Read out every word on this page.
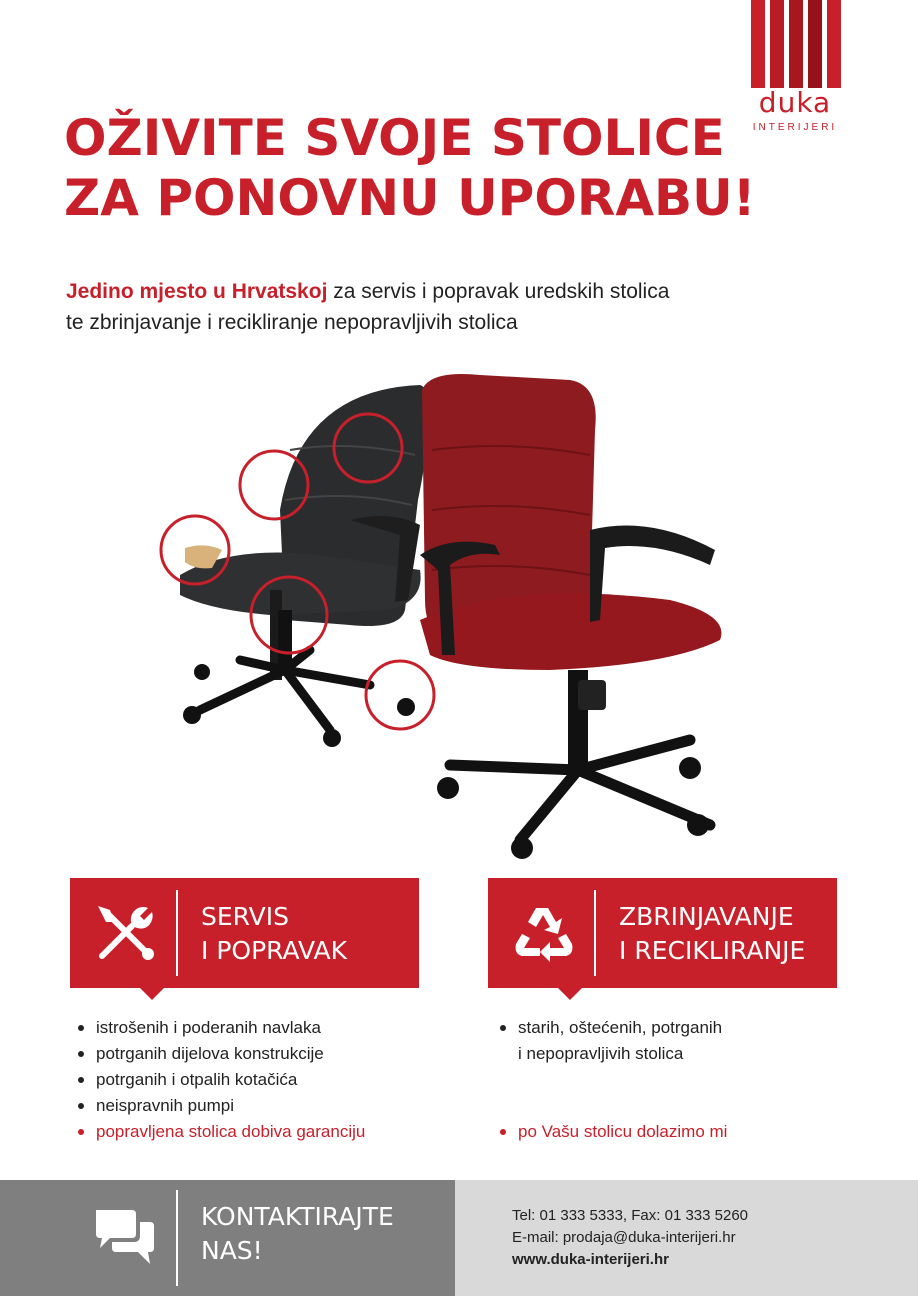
duka
INTERIJERI
OŽIVITE SVOJE STOLICE
ZA PONOVNU UPORABU!
Jedino mjesto u Hrvatskoj za servis i popravak uredskih stolica
te zbrinjavanje i recikliranje nepopravljivih stolica
SERVIS
I POPRAVAK
ZBRINJAVANJE
I RECIKLIRANJE
istrošenih i poderanih navlaka
potrganih dijelova konstrukcije
potrganih i otpalih kotačića
neispravnih pumpi
popravljena stolica dobiva garanciju
starih, oštećenih, potrganih
i nepopravljivih stolica
po Vašu stolicu dolazimo mi
KONTAKTIRAJTE
NAS!
Tel: 01 333 5333, Fax: 01 333 5260
E-mail: prodaja@duka-interijeri.hr
www.duka-interijeri.hr
